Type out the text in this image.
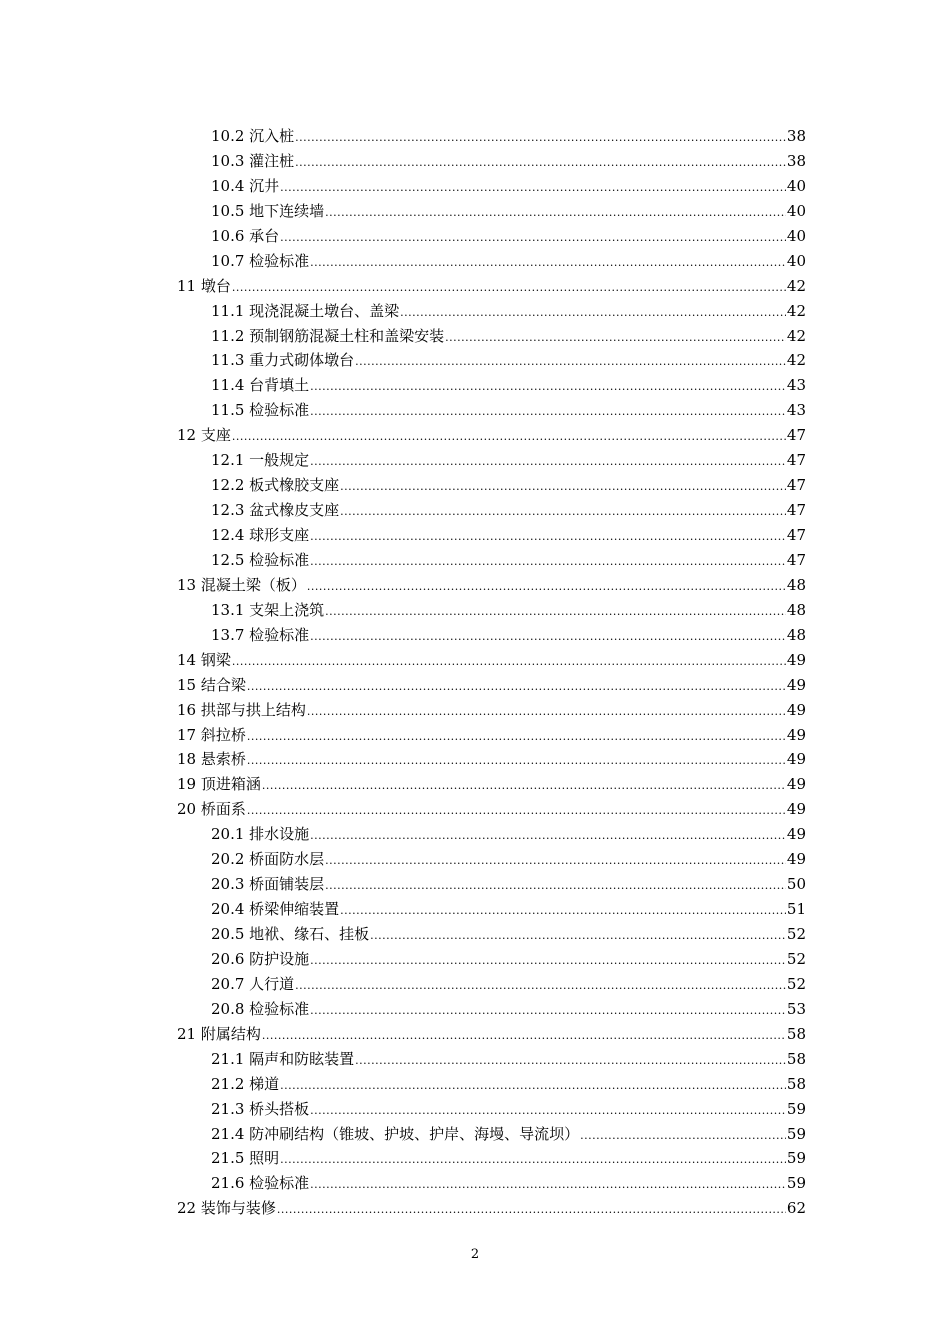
10.2 沉入桩 .....	38
10.3 灌注桩 .....	38
10.4 沉井 .....	40
10.5 地下连续墙 .....	40
10.6 承台 .....	40
10.7 检验标准 .....	40
11 墩台 .....	42
11.1 现浇混凝土墩台、盖梁 .....	42
11.2 预制钢筋混凝土柱和盖梁安装 .....	42
11.3 重力式砌体墩台 .....	42
11.4 台背填土 .....	43
11.5 检验标准 .....	43
12 支座 .....	47
12.1 一般规定 .....	47
12.2 板式橡胶支座 .....	47
12.3 盆式橡皮支座 .....	47
12.4 球形支座 .....	47
12.5 检验标准 .....	47
13 混凝土梁（板） .....	48
13.1 支架上浇筑 .....	48
13.7 检验标准 .....	48
14 钢梁 .....	49
15 结合梁 .....	49
16 拱部与拱上结构 .....	49
17 斜拉桥 .....	49
18 悬索桥 .....	49
19 顶进箱涵 .....	49
20 桥面系 .....	49
20.1 排水设施 .....	49
20.2 桥面防水层 .....	49
20.3 桥面铺装层 .....	50
20.4 桥梁伸缩装置 .....	51
20.5 地袱、缘石、挂板 .....	52
20.6 防护设施 .....	52
20.7 人行道 .....	52
20.8 检验标准 .....	53
21 附属结构 .....	58
21.1 隔声和防眩装置 .....	58
21.2 梯道 .....	58
21.3 桥头搭板 .....	59
21.4 防冲刷结构（锥坡、护坡、护岸、海墁、导流坝） .....	59
21.5 照明 .....	59
21.6 检验标准 .....	59
22 装饰与装修 .....	62
2
